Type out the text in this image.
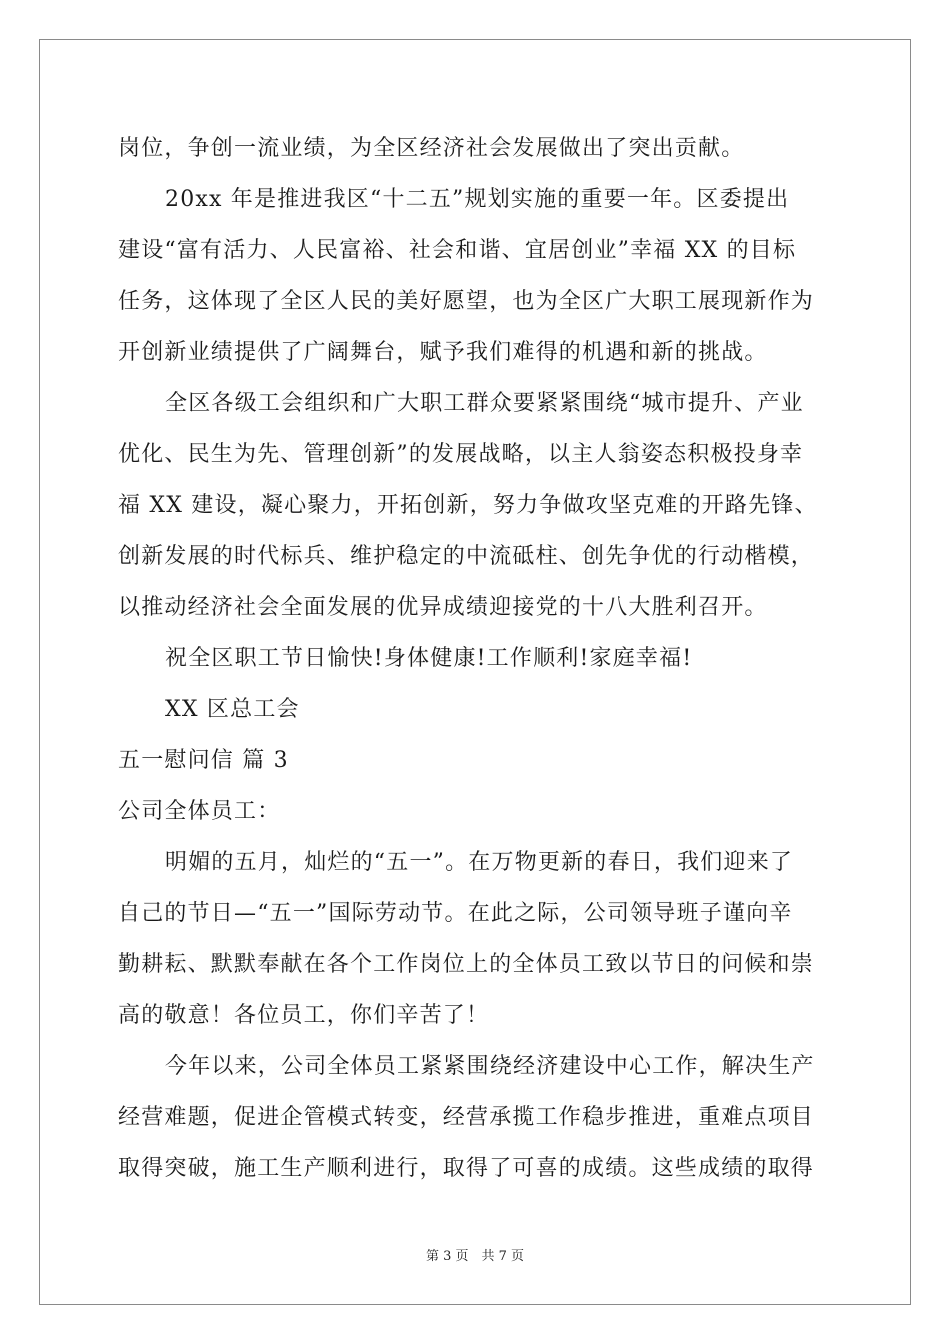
岗位，争创一流业绩，为全区经济社会发展做出了突出贡献。
20xx 年是推进我区“十二五”规划实施的重要一年。区委提出
建设“富有活力、人民富裕、社会和谐、宜居创业”幸福 XX 的目标
任务，这体现了全区人民的美好愿望，也为全区广大职工展现新作为
开创新业绩提供了广阔舞台，赋予我们难得的机遇和新的挑战。
全区各级工会组织和广大职工群众要紧紧围绕“城市提升、产业
优化、民生为先、管理创新”的发展战略，以主人翁姿态积极投身幸
福 XX 建设，凝心聚力，开拓创新，努力争做攻坚克难的开路先锋、
创新发展的时代标兵、维护稳定的中流砥柱、创先争优的行动楷模，
以推动经济社会全面发展的优异成绩迎接党的十八大胜利召开。
祝全区职工节日愉快!身体健康!工作顺利!家庭幸福!
XX 区总工会
五一慰问信 篇 3
公司全体员工：
明媚的五月，灿烂的“五一”。在万物更新的春日，我们迎来了
自己的节日—“五一”国际劳动节。在此之际，公司领导班子谨向辛
勤耕耘、默默奉献在各个工作岗位上的全体员工致以节日的问候和崇
高的敬意！各位员工，你们辛苦了！
今年以来，公司全体员工紧紧围绕经济建设中心工作，解决生产
经营难题，促进企管模式转变，经营承揽工作稳步推进，重难点项目
取得突破，施工生产顺利进行，取得了可喜的成绩。这些成绩的取得
第 3 页　共 7 页
